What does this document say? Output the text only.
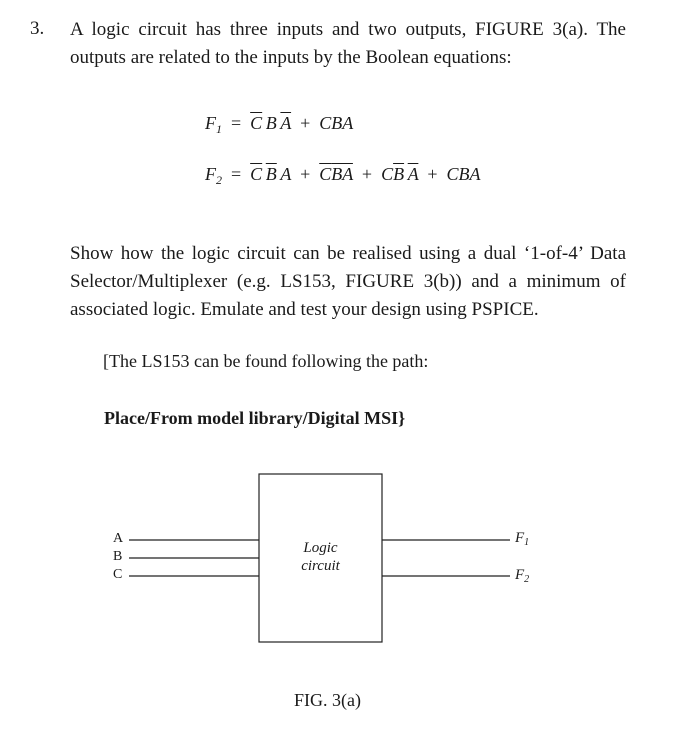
3. A logic circuit has three inputs and two outputs, FIGURE 3(a). The outputs are related to the inputs by the Boolean equations:
$F_1 = \overline{C}$  B  $\overline{A}$ + CBA
$F_2 = \overline{C}$  $\overline{B}$  $A + \overline{C}\overline{BA} + C\overline{B}$  $\overline{A}$ + CBA
Show how the logic circuit can be realised using a dual ‘1-of-4’ Data Selector/Multiplexer (e.g. LS153, FIGURE 3(b)) and a minimum of associated logic. Emulate and test your design using PSPICE.
[The LS153 can be found following the path:
Place/From model library/Digital MSI}
A
B
C
Logic
circuit
$F_1$
$F_2$
FIG. 3(a)
